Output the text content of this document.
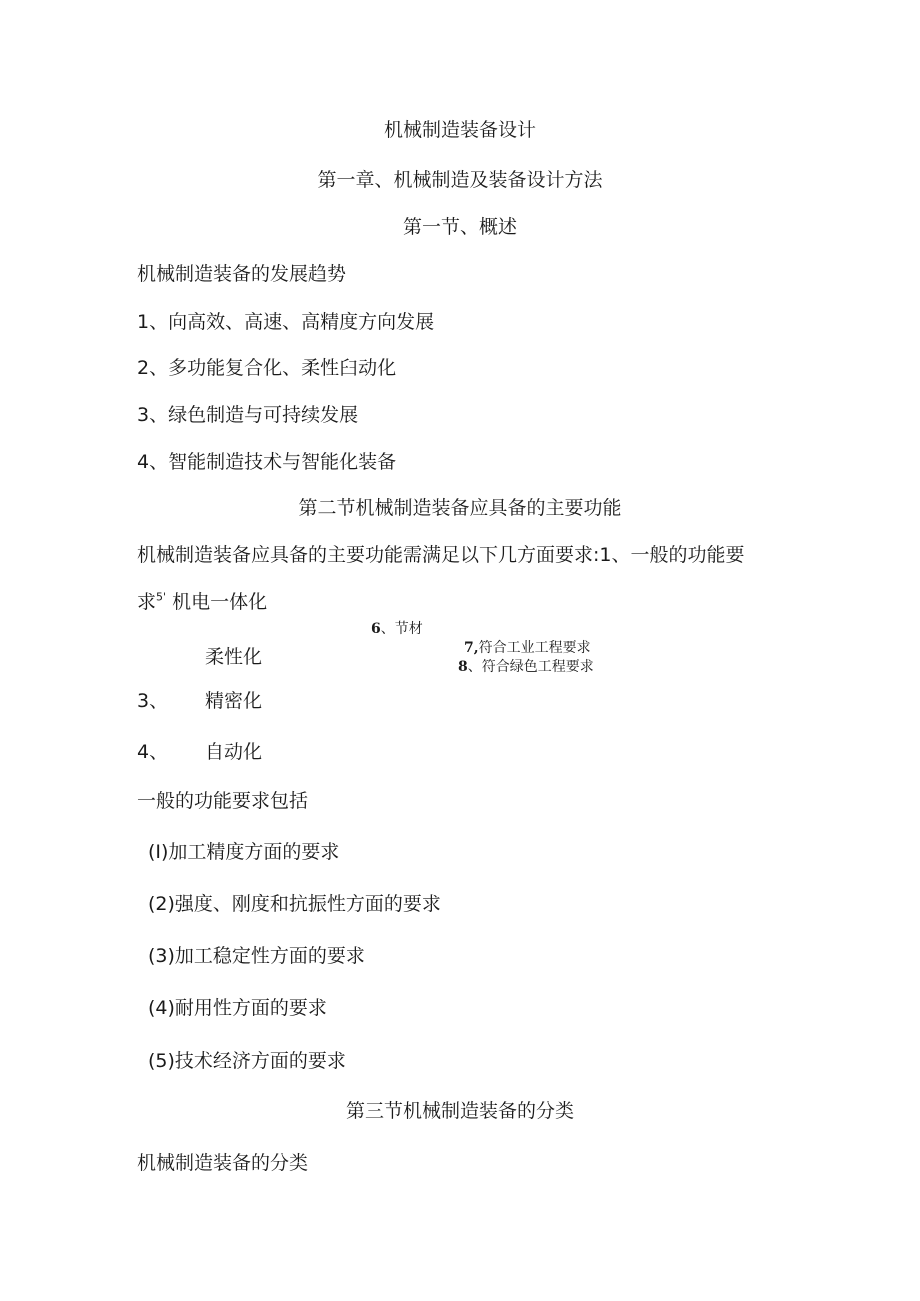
机械制造装备设计
第一章、机械制造及装备设计方法
第一节、概述
机械制造装备的发展趋势
1、向高效、高速、高精度方向发展
2、多功能复合化、柔性臼动化
3、绿色制造与可持续发展
4、智能制造技术与智能化装备
第二节机械制造装备应具备的主要功能
机械制造装备应具备的主要功能需满足以下几方面要求:1、一般的功能要
求$^{5'}$ 机电一体化
6、节材
7,符合工业工程要求
8、符合绿色工程要求
柔性化
3、 精密化
4、 自动化
一般的功能要求包括
(I)加工精度方面的要求
(2)强度、刚度和抗振性方面的要求
(3)加工稳定性方面的要求
(4)耐用性方面的要求
(5)技术经济方面的要求
第三节机械制造装备的分类
机械制造装备的分类
